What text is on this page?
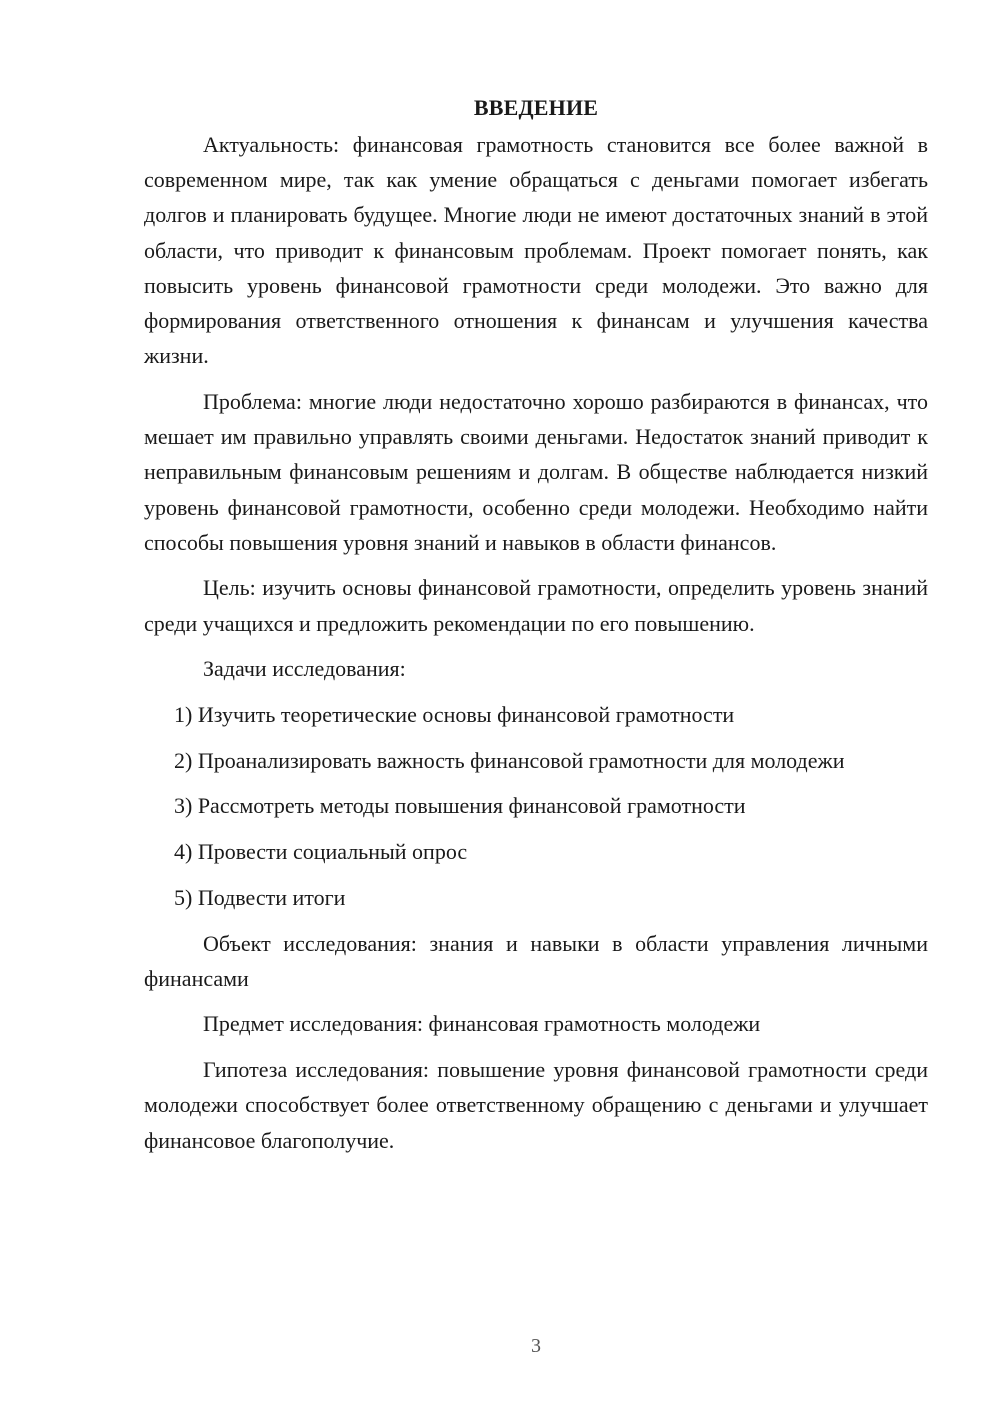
ВВЕДЕНИЕ

Актуальность: финансовая грамотность становится все более важной в современном мире, так как умение обращаться с деньгами помогает избегать долгов и планировать будущее. Многие люди не имеют достаточных знаний в этой области, что приводит к финансовым проблемам. Проект помогает понять, как повысить уровень финансовой грамотности среди молодежи. Это важно для формирования ответственного отношения к финансам и улучшения качества жизни.

Проблема: многие люди недостаточно хорошо разбираются в финансах, что мешает им правильно управлять своими деньгами. Недостаток знаний приводит к неправильным финансовым решениям и долгам. В обществе наблюдается низкий уровень финансовой грамотности, особенно среди молодежи. Необходимо найти способы повышения уровня знаний и навыков в области финансов.

Цель: изучить основы финансовой грамотности, определить уровень знаний среди учащихся и предложить рекомендации по его повышению.

Задачи исследования:

1) Изучить теоретические основы финансовой грамотности

2) Проанализировать важность финансовой грамотности для молодежи

3) Рассмотреть методы повышения финансовой грамотности

4) Провести социальный опрос

5) Подвести итоги

Объект исследования: знания и навыки в области управления личными финансами

Предмет исследования: финансовая грамотность молодежи

Гипотеза исследования: повышение уровня финансовой грамотности среди молодежи способствует более ответственному обращению с деньгами и улучшает финансовое благополучие.

3
